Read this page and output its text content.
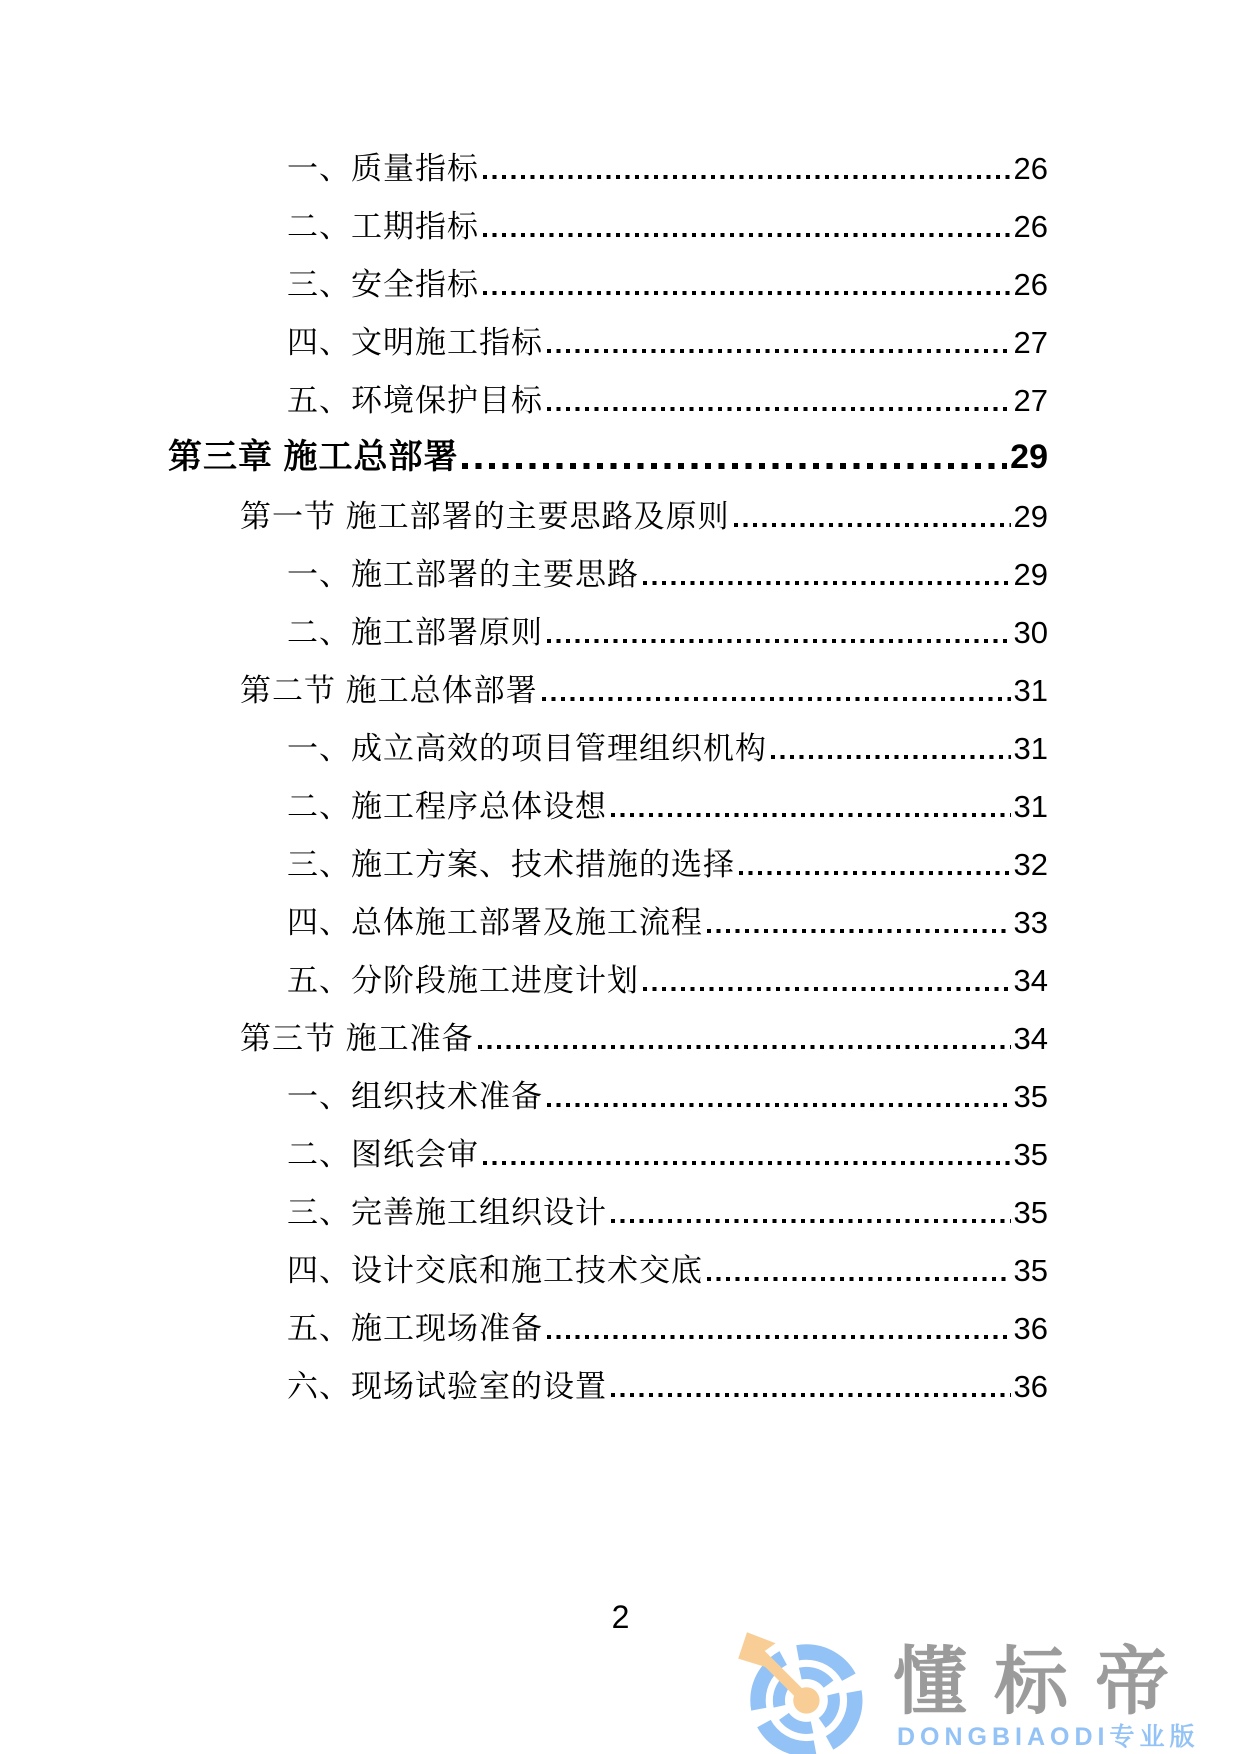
一、质量指标	26
二、工期指标	26
三、安全指标	26
四、文明施工指标	27
五、环境保护目标	27
第三章 施工总部署	29
第一节 施工部署的主要思路及原则	29
一、施工部署的主要思路	29
二、施工部署原则	30
第二节 施工总体部署	31
一、成立高效的项目管理组织机构	31
二、施工程序总体设想	31
三、施工方案、技术措施的选择	32
四、总体施工部署及施工流程	33
五、分阶段施工进度计划	34
第三节 施工准备	34
一、组织技术准备	35
二、图纸会审	35
三、完善施工组织设计	35
四、设计交底和施工技术交底	35
五、施工现场准备	36
六、现场试验室的设置	36
2
懂标帝
DONGBIAODI专业版
